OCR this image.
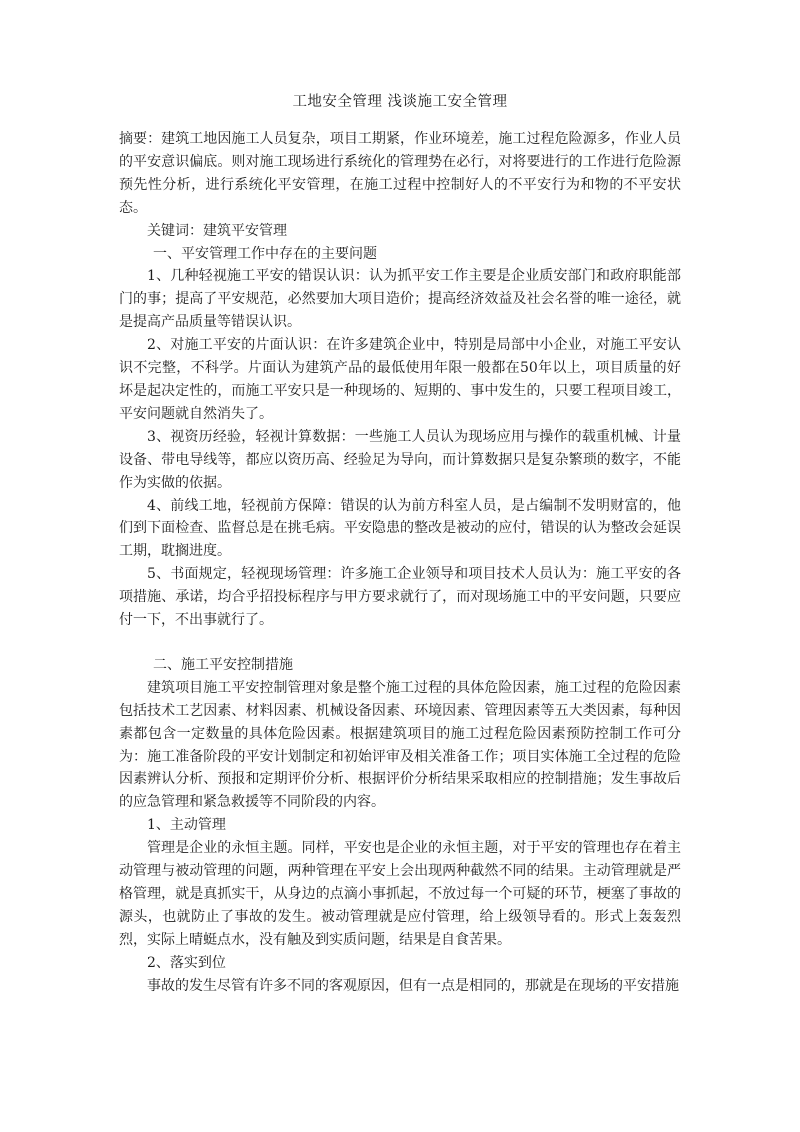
工地安全管理 浅谈施工安全管理

摘要：建筑工地因施工人员复杂，项目工期紧，作业环境差，施工过程危险源多，作业人员的平安意识偏底。则对施工现场进行系统化的管理势在必行，对将要进行的工作进行危险源预先性分析，进行系统化平安管理，在施工过程中控制好人的不平安行为和物的不平安状态。

关键词：建筑平安管理

一、平安管理工作中存在的主要问题

1、几种轻视施工平安的错误认识：认为抓平安工作主要是企业质安部门和政府职能部门的事；提高了平安规范，必然要加大项目造价；提高经济效益及社会名誉的唯一途径，就是提高产品质量等错误认识。

2、对施工平安的片面认识：在许多建筑企业中，特别是局部中小企业，对施工平安认识不完整，不科学。片面认为建筑产品的最低使用年限一般都在50年以上，项目质量的好坏是起决定性的，而施工平安只是一种现场的、短期的、事中发生的，只要工程项目竣工，平安问题就自然消失了。

3、视资历经验，轻视计算数据：一些施工人员认为现场应用与操作的载重机械、计量设备、带电导线等，都应以资历高、经验足为导向，而计算数据只是复杂繁琐的数字，不能作为实做的依据。

4、前线工地，轻视前方保障：错误的认为前方科室人员，是占编制不发明财富的，他们到下面检查、监督总是在挑毛病。平安隐患的整改是被动的应付，错误的认为整改会延误工期，耽搁进度。

5、书面规定，轻视现场管理：许多施工企业领导和项目技术人员认为：施工平安的各项措施、承诺，均合乎招投标程序与甲方要求就行了，而对现场施工中的平安问题，只要应付一下，不出事就行了。

二、施工平安控制措施

建筑项目施工平安控制管理对象是整个施工过程的具体危险因素，施工过程的危险因素包括技术工艺因素、材料因素、机械设备因素、环境因素、管理因素等五大类因素，每种因素都包含一定数量的具体危险因素。根据建筑项目的施工过程危险因素预防控制工作可分为：施工准备阶段的平安计划制定和初始评审及相关准备工作；项目实体施工全过程的危险因素辨认分析、预报和定期评价分析、根据评价分析结果采取相应的控制措施；发生事故后的应急管理和紧急救援等不同阶段的内容。

1、主动管理

管理是企业的永恒主题。同样，平安也是企业的永恒主题，对于平安的管理也存在着主动管理与被动管理的问题，两种管理在平安上会出现两种截然不同的结果。主动管理就是严格管理，就是真抓实干，从身边的点滴小事抓起，不放过每一个可疑的环节，梗塞了事故的源头，也就防止了事故的发生。被动管理就是应付管理，给上级领导看的。形式上轰轰烈烈，实际上晴蜓点水，没有触及到实质问题，结果是自食苦果。

2、落实到位

事故的发生尽管有许多不同的客观原因，但有一点是相同的，那就是在现场的平安措施
